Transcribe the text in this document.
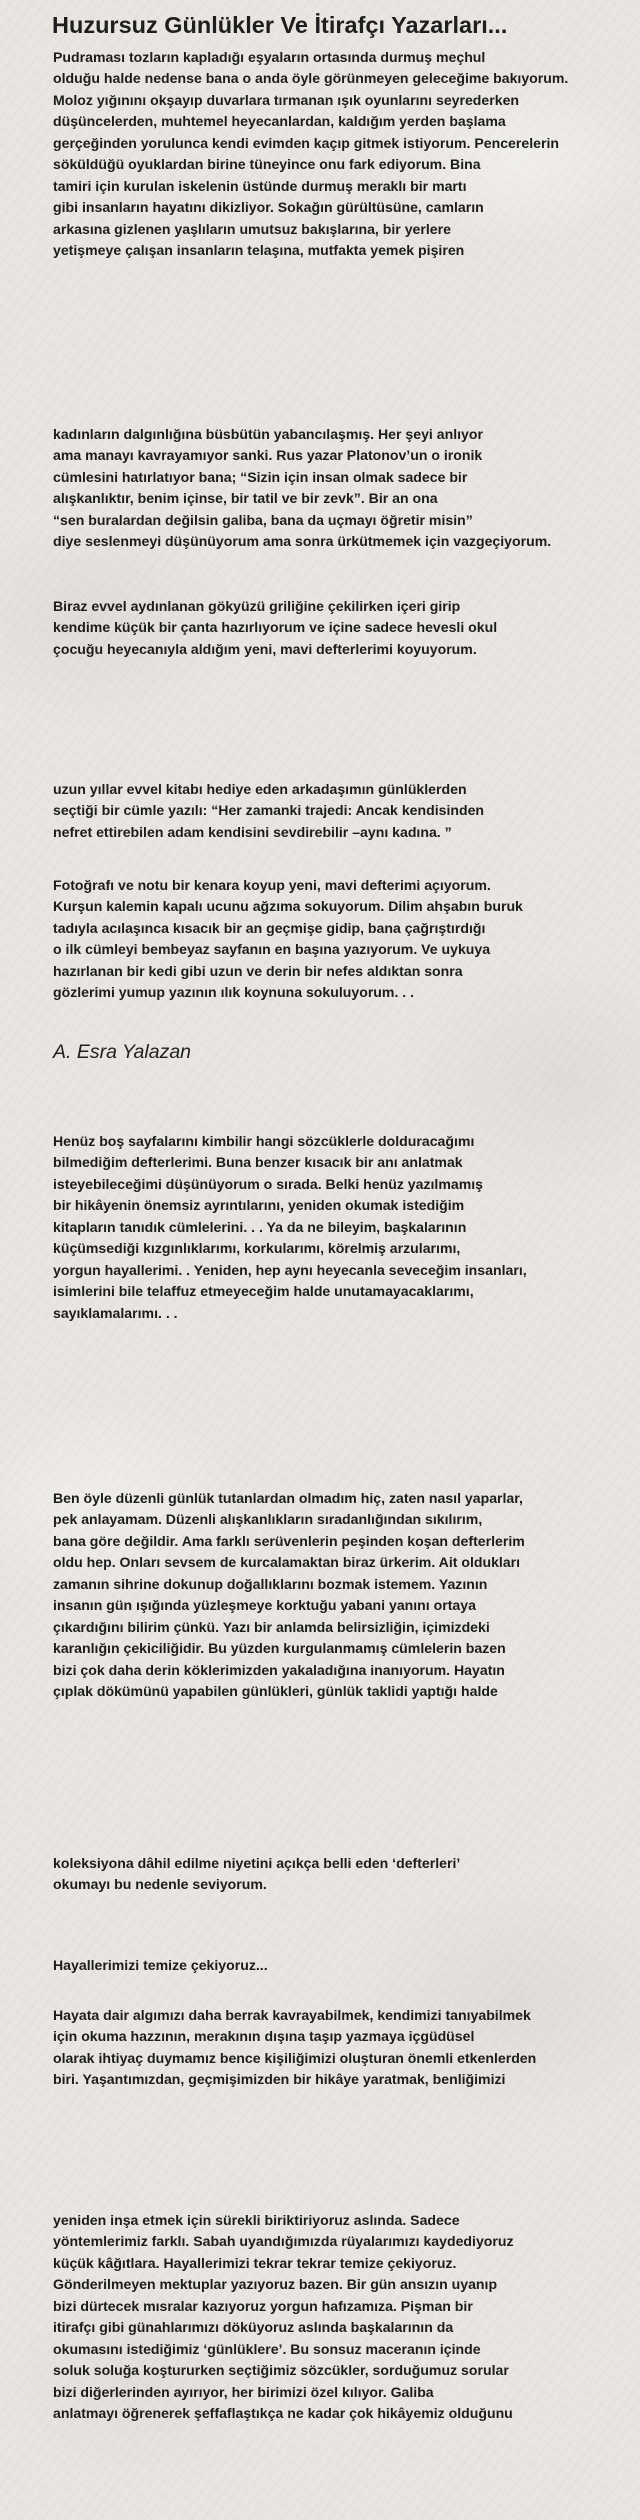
Huzursuz Günlükler Ve İtirafçı Yazarları...

Pudraması tozların kapladığı eşyaların ortasında durmuş meçhul
olduğu halde nedense bana o anda öyle görünmeyen geleceğime bakıyorum.
Moloz yığınını okşayıp duvarlara tırmanan ışık oyunlarını seyrederken
düşüncelerden, muhtemel heyecanlardan, kaldığım yerden başlama
gerçeğinden yorulunca kendi evimden kaçıp gitmek istiyorum. Pencerelerin
söküldüğü oyuklardan birine tüneyince onu fark ediyorum. Bina
tamiri için kurulan iskelenin üstünde durmuş meraklı bir martı
gibi insanların hayatını dikizliyor. Sokağın gürültüsüne, camların
arkasına gizlenen yaşlıların umutsuz bakışlarına, bir yerlere
yetişmeye çalışan insanların telaşına, mutfakta yemek pişiren

kadınların dalgınlığına büsbütün yabancılaşmış. Her şeyi anlıyor
ama manayı kavrayamıyor sanki. Rus yazar Platonov’un o ironik
cümlesini hatırlatıyor bana; “Sizin için insan olmak sadece bir
alışkanlıktır, benim içinse, bir tatil ve bir zevk”. Bir an ona
“sen buralardan değilsin galiba, bana da uçmayı öğretir misin”
diye seslenmeyi düşünüyorum ama sonra ürkütmemek için vazgeçiyorum.

Biraz evvel aydınlanan gökyüzü griliğine çekilirken içeri girip
kendime küçük bir çanta hazırlıyorum ve içine sadece hevesli okul
çocuğu heyecanıyla aldığım yeni, mavi defterlerimi koyuyorum.

uzun yıllar evvel kitabı hediye eden arkadaşımın günlüklerden
seçtiği bir cümle yazılı: “Her zamanki trajedi: Ancak kendisinden
nefret ettirebilen adam kendisini sevdirebilir –aynı kadına. ”

Fotoğrafı ve notu bir kenara koyup yeni, mavi defterimi açıyorum.
Kurşun kalemin kapalı ucunu ağzıma sokuyorum. Dilim ahşabın buruk
tadıyla acılaşınca kısacık bir an geçmişe gidip, bana çağrıştırdığı
o ilk cümleyi bembeyaz sayfanın en başına yazıyorum. Ve uykuya
hazırlanan bir kedi gibi uzun ve derin bir nefes aldıktan sonra
gözlerimi yumup yazının ılık koynuna sokuluyorum. . .

A. Esra Yalazan

Henüz boş sayfalarını kimbilir hangi sözcüklerle dolduracağımı
bilmediğim defterlerimi. Buna benzer kısacık bir anı anlatmak
isteyebileceğimi düşünüyorum o sırada. Belki henüz yazılmamış
bir hikâyenin önemsiz ayrıntılarını, yeniden okumak istediğim
kitapların tanıdık cümlelerini. . . Ya da ne bileyim, başkalarının
küçümsediği kızgınlıklarımı, korkularımı, körelmiş arzularımı,
yorgun hayallerimi. . Yeniden, hep aynı heyecanla seveceğim insanları,
isimlerini bile telaffuz etmeyeceğim halde unutamayacaklarımı,
sayıklamalarımı. . .

Ben öyle düzenli günlük tutanlardan olmadım hiç, zaten nasıl yaparlar,
pek anlayamam. Düzenli alışkanlıkların sıradanlığından sıkılırım,
bana göre değildir. Ama farklı serüvenlerin peşinden koşan defterlerim
oldu hep. Onları sevsem de kurcalamaktan biraz ürkerim. Ait oldukları
zamanın sihrine dokunup doğallıklarını bozmak istemem. Yazının
insanın gün ışığında yüzleşmeye korktuğu yabani yanını ortaya
çıkardığını bilirim çünkü. Yazı bir anlamda belirsizliğin, içimizdeki
karanlığın çekiciliğidir. Bu yüzden kurgulanmamış cümlelerin bazen
bizi çok daha derin köklerimizden yakaladığına inanıyorum. Hayatın
çıplak dökümünü yapabilen günlükleri, günlük taklidi yaptığı halde

koleksiyona dâhil edilme niyetini açıkça belli eden ‘defterleri’
okumayı bu nedenle seviyorum.

Hayallerimizi temize çekiyoruz...

Hayata dair algımızı daha berrak kavrayabilmek, kendimizi tanıyabilmek
için okuma hazzının, merakının dışına taşıp yazmaya içgüdüsel
olarak ihtiyaç duymamız bence kişiliğimizi oluşturan önemli etkenlerden
biri. Yaşantımızdan, geçmişimizden bir hikâye yaratmak, benliğimizi

yeniden inşa etmek için sürekli biriktiriyoruz aslında. Sadece
yöntemlerimiz farklı. Sabah uyandığımızda rüyalarımızı kaydediyoruz
küçük kâğıtlara. Hayallerimizi tekrar tekrar temize çekiyoruz.
Gönderilmeyen mektuplar yazıyoruz bazen. Bir gün ansızın uyanıp
bizi dürtecek mısralar kazıyoruz yorgun hafızamıza. Pişman bir
itirafçı gibi günahlarımızı döküyoruz aslında başkalarının da
okumasını istediğimiz ‘günlüklere’. Bu sonsuz maceranın içinde
soluk soluğa koştururken seçtiğimiz sözcükler, sorduğumuz sorular
bizi diğerlerinden ayırıyor, her birimizi özel kılıyor. Galiba
anlatmayı öğrenerek şeffaflaştıkça ne kadar çok hikâyemiz olduğunu
